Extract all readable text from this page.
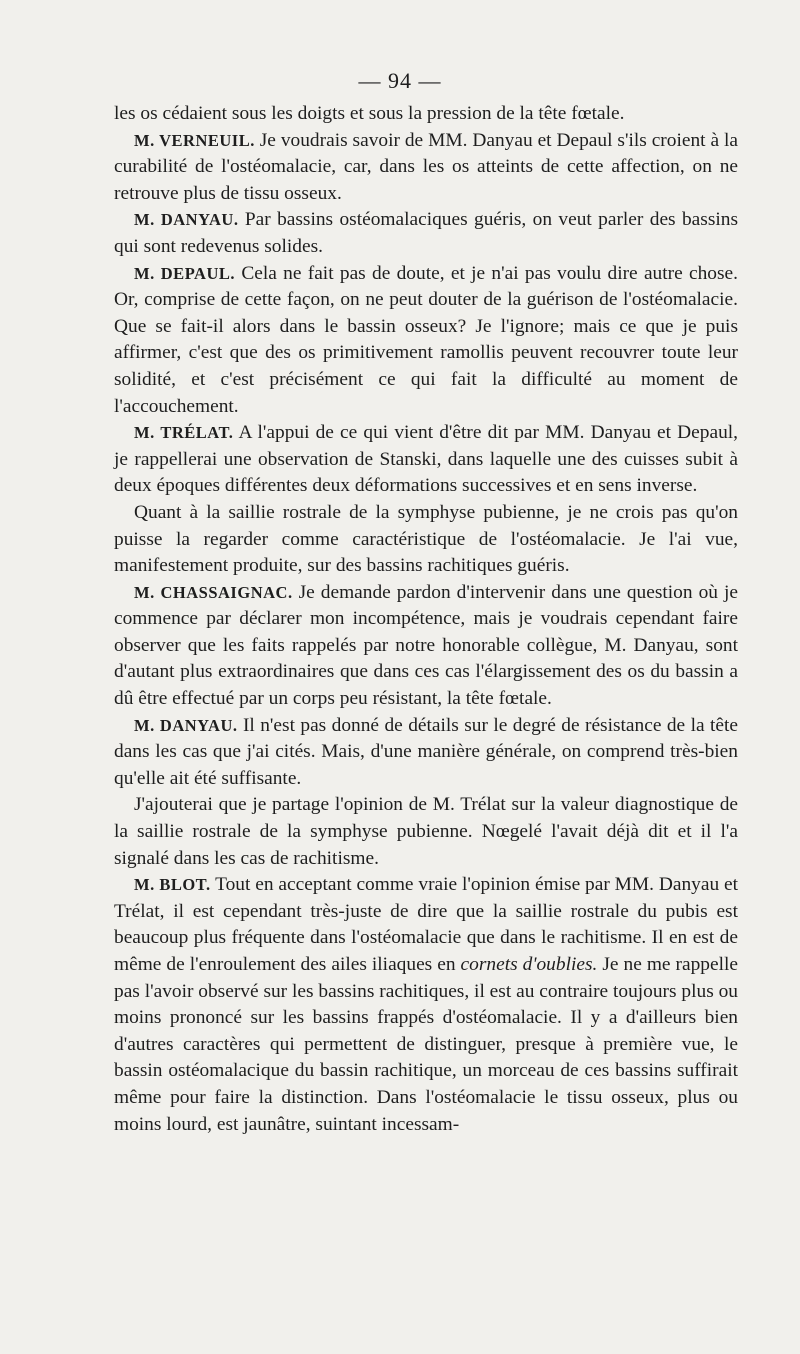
— 94 —

les os cédaient sous les doigts et sous la pression de la tête fœtale.

M. VERNEUIL. Je voudrais savoir de MM. Danyau et Depaul s'ils croient à la curabilité de l'ostéomalacie, car, dans les os atteints de cette affection, on ne retrouve plus de tissu osseux.

M. DANYAU. Par bassins ostéomalaciques guéris, on veut parler des bassins qui sont redevenus solides.

M. DEPAUL. Cela ne fait pas de doute, et je n'ai pas voulu dire autre chose. Or, comprise de cette façon, on ne peut douter de la guérison de l'ostéomalacie. Que se fait-il alors dans le bassin osseux? Je l'ignore; mais ce que je puis affirmer, c'est que des os primitivement ramollis peuvent recouvrer toute leur solidité, et c'est précisément ce qui fait la difficulté au moment de l'accouchement.

M. TRÉLAT. A l'appui de ce qui vient d'être dit par MM. Danyau et Depaul, je rappellerai une observation de Stanski, dans laquelle une des cuisses subit à deux époques différentes deux déformations successives et en sens inverse.

Quant à la saillie rostrale de la symphyse pubienne, je ne crois pas qu'on puisse la regarder comme caractéristique de l'ostéomalacie. Je l'ai vue, manifestement produite, sur des bassins rachitiques guéris.

M. CHASSAIGNAC. Je demande pardon d'intervenir dans une question où je commence par déclarer mon incompétence, mais je voudrais cependant faire observer que les faits rappelés par notre honorable collègue, M. Danyau, sont d'autant plus extraordinaires que dans ces cas l'élargissement des os du bassin a dû être effectué par un corps peu résistant, la tête fœtale.

M. DANYAU. Il n'est pas donné de détails sur le degré de résistance de la tête dans les cas que j'ai cités. Mais, d'une manière générale, on comprend très-bien qu'elle ait été suffisante.

J'ajouterai que je partage l'opinion de M. Trélat sur la valeur diagnostique de la saillie rostrale de la symphyse pubienne. Nœgelé l'avait déjà dit et il l'a signalé dans les cas de rachitisme.

M. BLOT. Tout en acceptant comme vraie l'opinion émise par MM. Danyau et Trélat, il est cependant très-juste de dire que la saillie rostrale du pubis est beaucoup plus fréquente dans l'ostéomalacie que dans le rachitisme. Il en est de même de l'enroulement des ailes iliaques en cornets d'oublies. Je ne me rappelle pas l'avoir observé sur les bassins rachitiques, il est au contraire toujours plus ou moins prononcé sur les bassins frappés d'ostéomalacie. Il y a d'ailleurs bien d'autres caractères qui permettent de distinguer, presque à première vue, le bassin ostéomalacique du bassin rachitique, un morceau de ces bassins suffirait même pour faire la distinction. Dans l'ostéomalacie le tissu osseux, plus ou moins lourd, est jaunâtre, suintant incessam-
